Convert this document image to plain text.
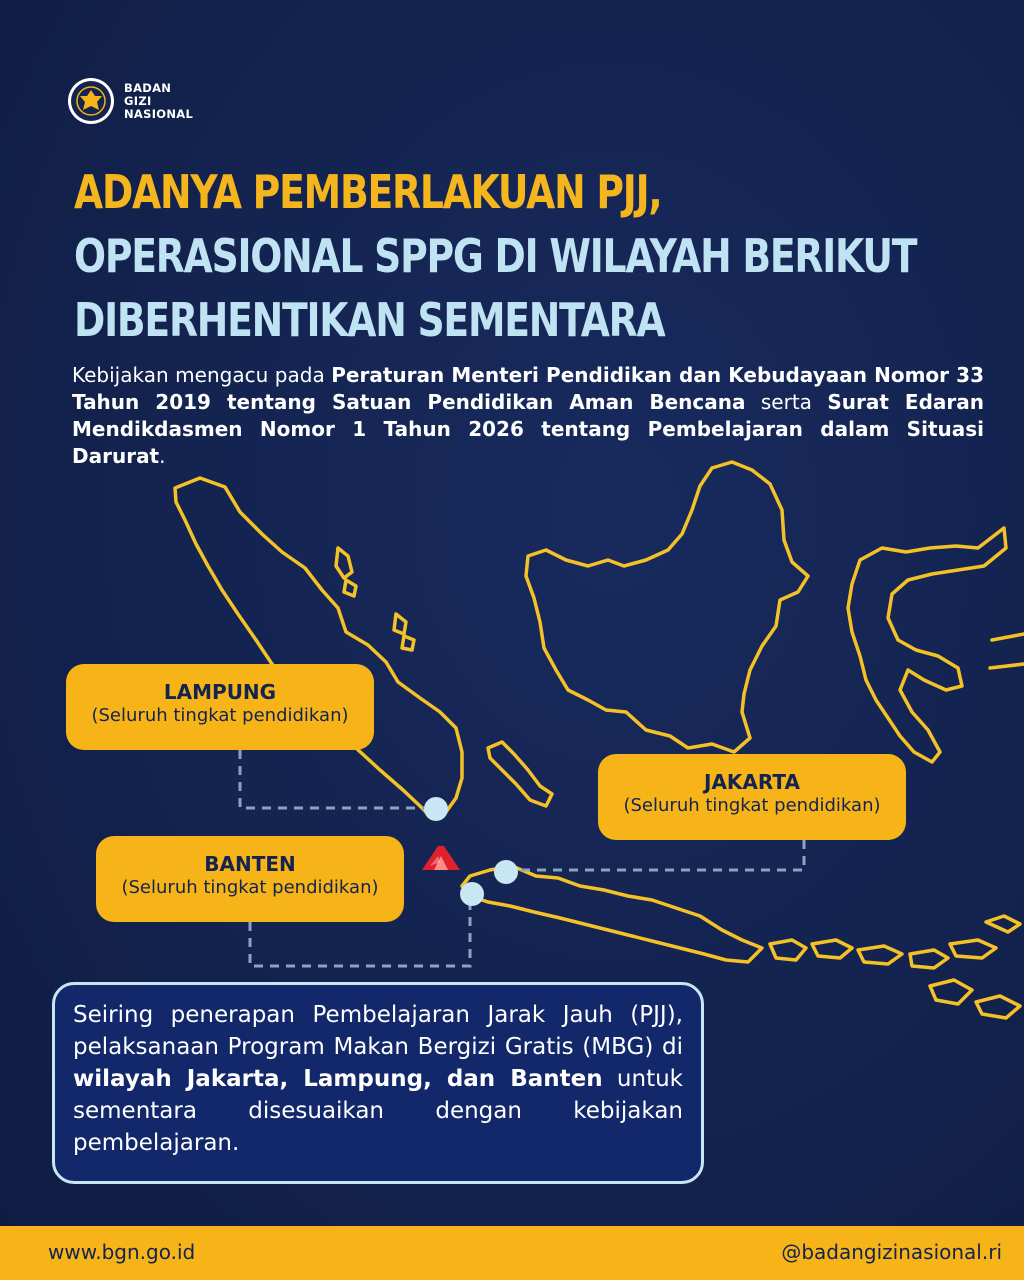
BADAN
GIZI
NASIONAL
ADANYA PEMBERLAKUAN PJJ,
OPERASIONAL SPPG DI WILAYAH BERIKUT
DIBERHENTIKAN SEMENTARA
Kebijakan mengacu pada Peraturan Menteri Pendidikan dan Kebudayaan Nomor 33 Tahun 2019 tentang Satuan Pendidikan Aman Bencana serta Surat Edaran Mendikdasmen Nomor 1 Tahun 2026 tentang Pembelajaran dalam Situasi Darurat.
LAMPUNG
(Seluruh tingkat pendidikan)
JAKARTA
(Seluruh tingkat pendidikan)
BANTEN
(Seluruh tingkat pendidikan)

Seiring penerapan Pembelajaran Jarak Jauh (PJJ), pelaksanaan Program Makan Bergizi Gratis (MBG) di wilayah Jakarta, Lampung, dan Banten untuk sementara disesuaikan dengan kebijakan pembelajaran.

www.bgn.go.id	@badangizinasional.ri
